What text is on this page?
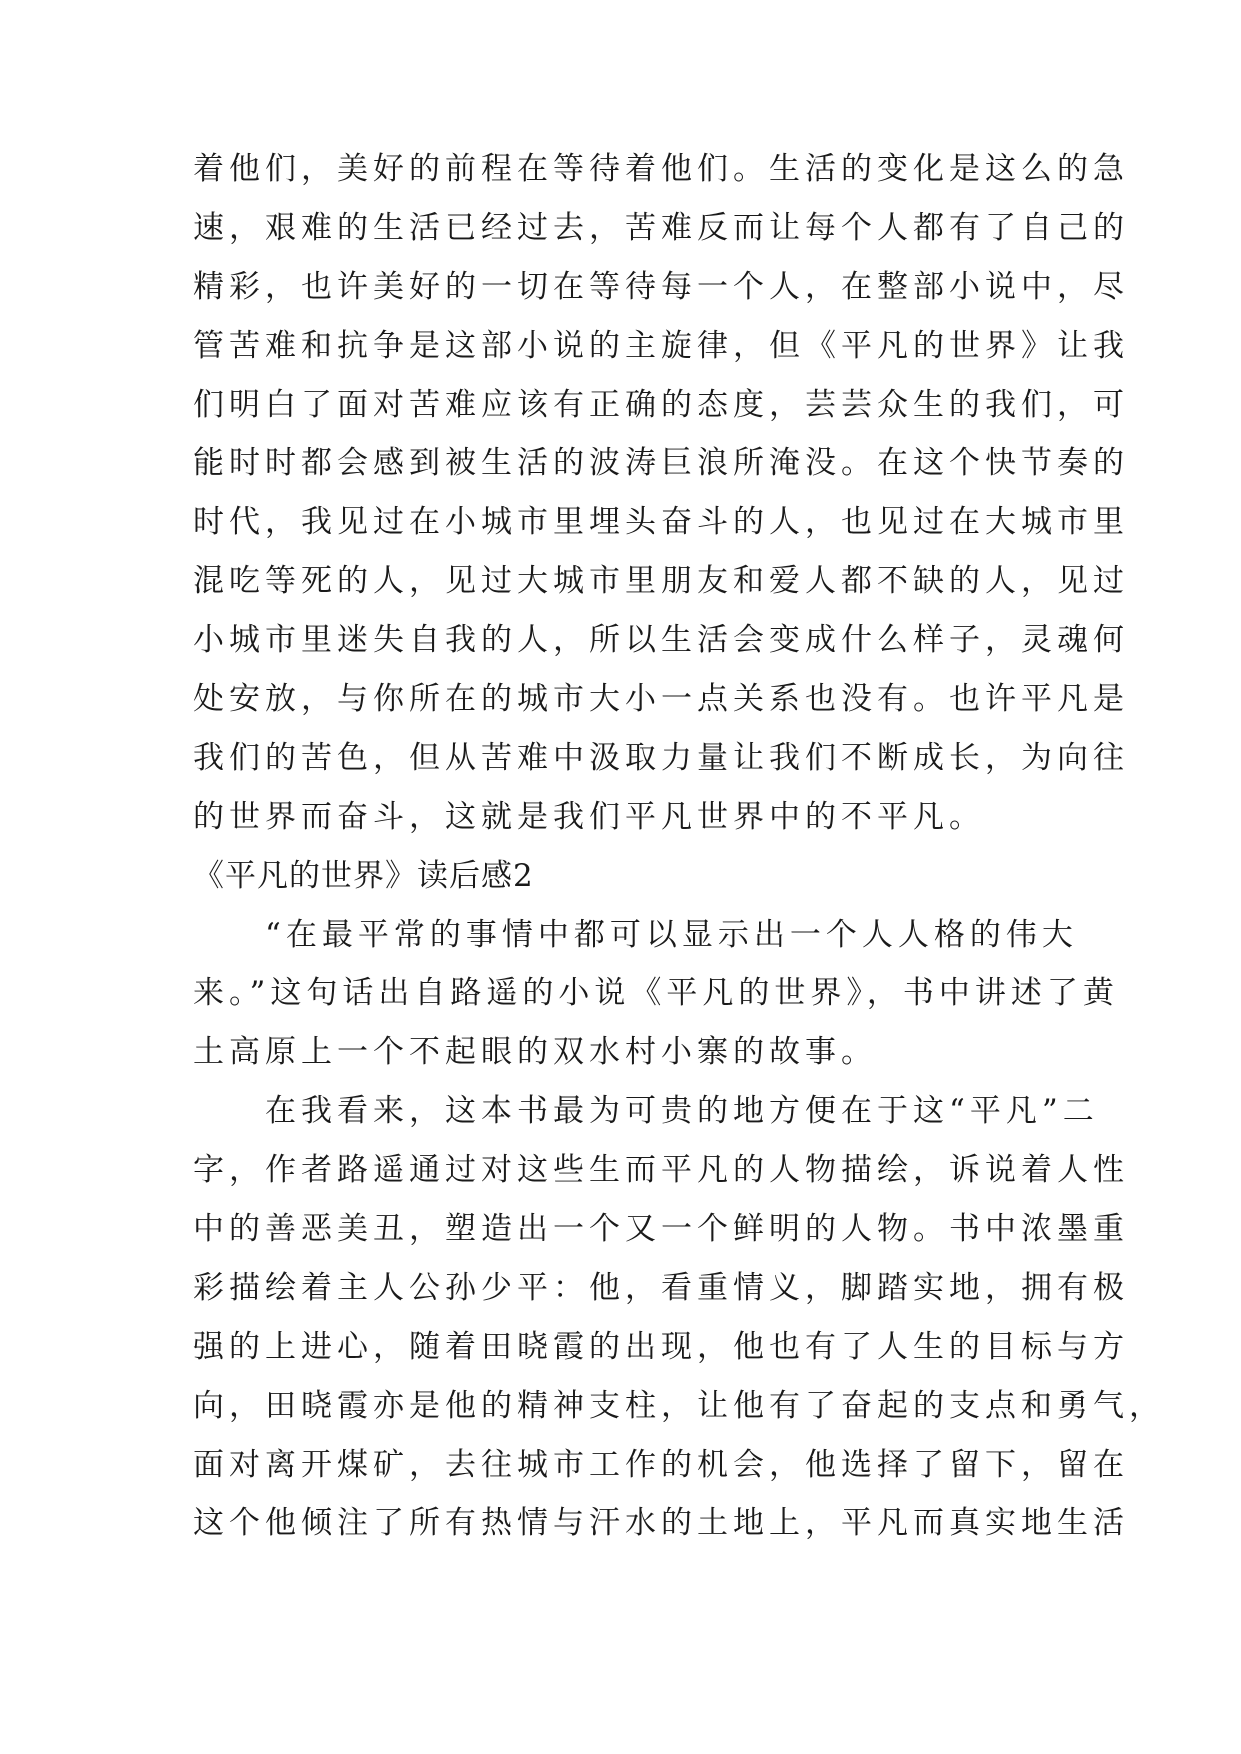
着他们，美好的前程在等待着他们。生活的变化是这么的急
速，艰难的生活已经过去，苦难反而让每个人都有了自己的
精彩，也许美好的一切在等待每一个人，在整部小说中，尽
管苦难和抗争是这部小说的主旋律，但《平凡的世界》让我
们明白了面对苦难应该有正确的态度，芸芸众生的我们，可
能时时都会感到被生活的波涛巨浪所淹没。在这个快节奏的
时代，我见过在小城市里埋头奋斗的人，也见过在大城市里
混吃等死的人，见过大城市里朋友和爱人都不缺的人，见过
小城市里迷失自我的人，所以生活会变成什么样子，灵魂何
处安放，与你所在的城市大小一点关系也没有。也许平凡是
我们的苦色，但从苦难中汲取力量让我们不断成长，为向往
的世界而奋斗，这就是我们平凡世界中的不平凡。
《平凡的世界》读后感2
　　“在最平常的事情中都可以显示出一个人人格的伟大
来。”这句话出自路遥的小说《平凡的世界》，书中讲述了黄
土高原上一个不起眼的双水村小寨的故事。
　　在我看来，这本书最为可贵的地方便在于这“平凡”二
字，作者路遥通过对这些生而平凡的人物描绘，诉说着人性
中的善恶美丑，塑造出一个又一个鲜明的人物。书中浓墨重
彩描绘着主人公孙少平：他，看重情义，脚踏实地，拥有极
强的上进心，随着田晓霞的出现，他也有了人生的目标与方
向，田晓霞亦是他的精神支柱，让他有了奋起的支点和勇气，
面对离开煤矿，去往城市工作的机会，他选择了留下，留在
这个他倾注了所有热情与汗水的土地上，平凡而真实地生活
